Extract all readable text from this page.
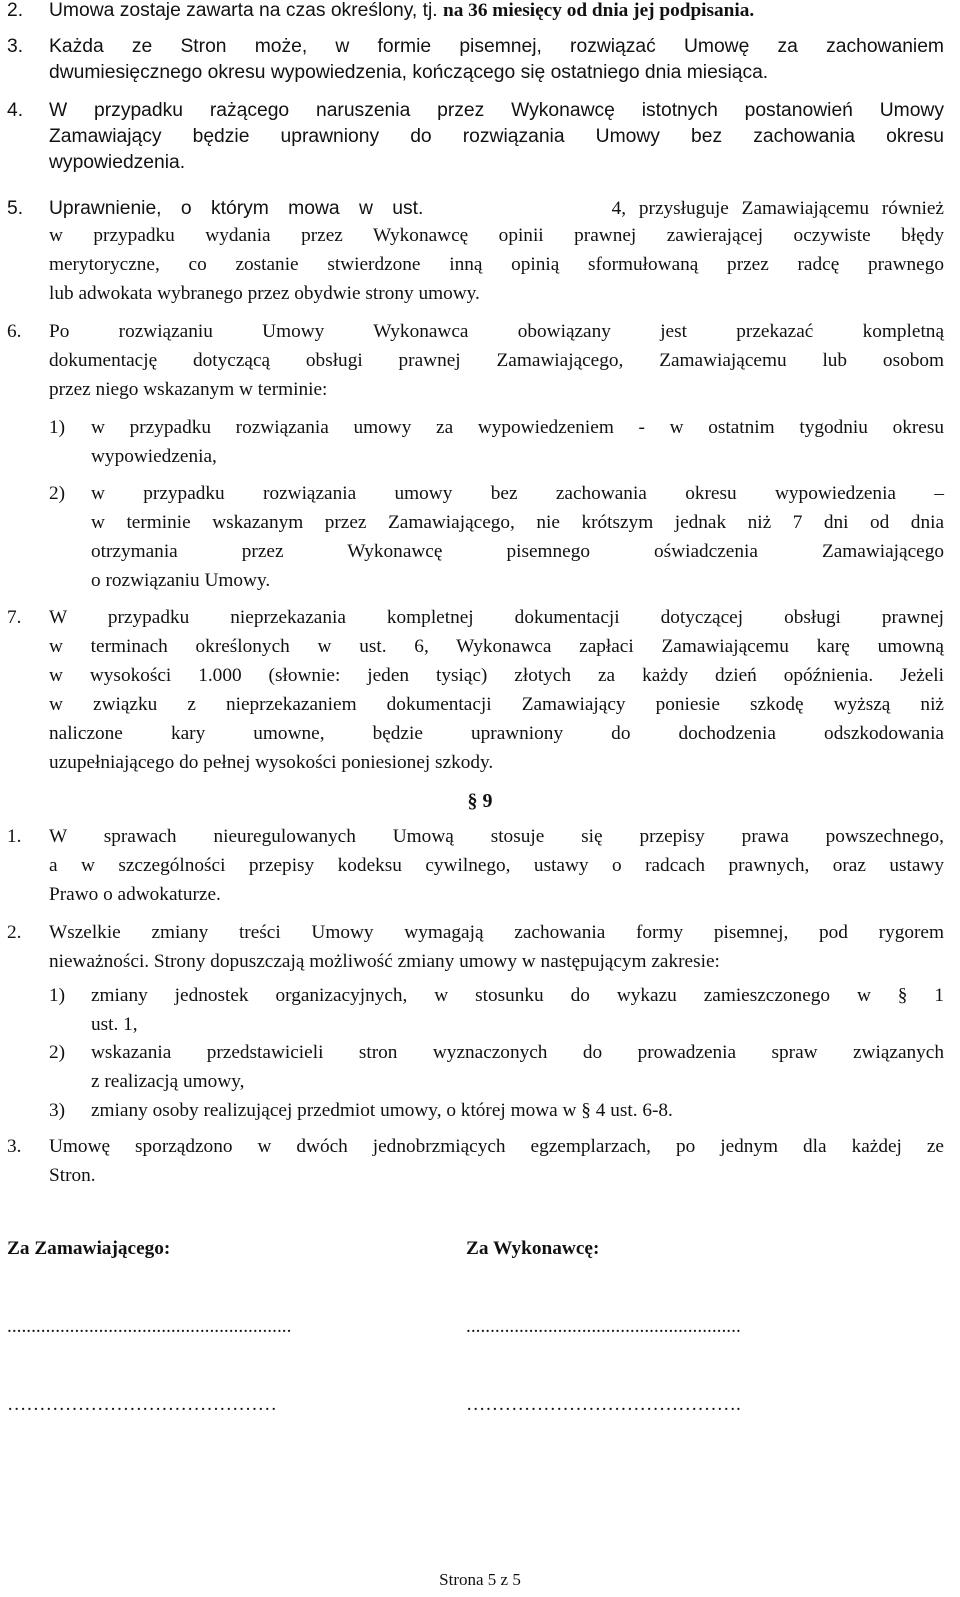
2. Umowa zostaje zawarta na czas określony, tj. na 36 miesięcy od dnia jej podpisania.
3. Każda ze Stron może, w formie pisemnej, rozwiązać Umowę za zachowaniem
dwumiesięcznego okresu wypowiedzenia, kończącego się ostatniego dnia miesiąca.
4. W przypadku rażącego naruszenia przez Wykonawcę istotnych postanowień Umowy
Zamawiający będzie uprawniony do rozwiązania Umowy bez zachowania okresu
wypowiedzenia.
5. Uprawnienie, o którym mowa w ust.	4, przysługuje Zamawiającemu również
w przypadku wydania przez Wykonawcę opinii prawnej zawierającej oczywiste błędy
merytoryczne, co zostanie stwierdzone inną opinią sformułowaną przez radcę prawnego
lub adwokata wybranego przez obydwie strony umowy.
6. Po rozwiązaniu Umowy Wykonawca obowiązany jest przekazać kompletną
dokumentację dotyczącą obsługi prawnej Zamawiającego, Zamawiającemu lub osobom
przez niego wskazanym w terminie:
1) w przypadku rozwiązania umowy za wypowiedzeniem - w ostatnim tygodniu okresu
wypowiedzenia,
2) w przypadku rozwiązania umowy bez zachowania okresu wypowiedzenia –
w terminie wskazanym przez Zamawiającego, nie krótszym jednak niż 7 dni od dnia
otrzymania przez Wykonawcę pisemnego oświadczenia Zamawiającego
o rozwiązaniu Umowy.
7. W przypadku nieprzekazania kompletnej dokumentacji dotyczącej obsługi prawnej
w terminach określonych w ust. 6, Wykonawca zapłaci Zamawiającemu karę umowną
w wysokości 1.000 (słownie: jeden tysiąc) złotych za każdy dzień opóźnienia. Jeżeli
w związku z nieprzekazaniem dokumentacji Zamawiający poniesie szkodę wyższą niż
naliczone kary umowne, będzie uprawniony do dochodzenia odszkodowania
uzupełniającego do pełnej wysokości poniesionej szkody.
§ 9
1. W sprawach nieuregulowanych Umową stosuje się przepisy prawa powszechnego,
a w szczególności przepisy kodeksu cywilnego, ustawy o radcach prawnych, oraz ustawy
Prawo o adwokaturze.
2. Wszelkie zmiany treści Umowy wymagają zachowania formy pisemnej, pod rygorem
nieważności. Strony dopuszczają możliwość zmiany umowy w następującym zakresie:
1) zmiany jednostek organizacyjnych, w stosunku do wykazu zamieszczonego w § 1
ust. 1,
2) wskazania przedstawicieli stron wyznaczonych do prowadzenia spraw związanych
z realizacją umowy,
3) zmiany osoby realizującej przedmiot umowy, o której mowa w § 4 ust. 6-8.
3. Umowę sporządzono w dwóch jednobrzmiących egzemplarzach, po jednym dla każdej ze
Stron.
Za Zamawiającego:	Za Wykonawcę:
...........................................................	.........................................................
……………………………………	…………………………………….
Strona 5 z 5
